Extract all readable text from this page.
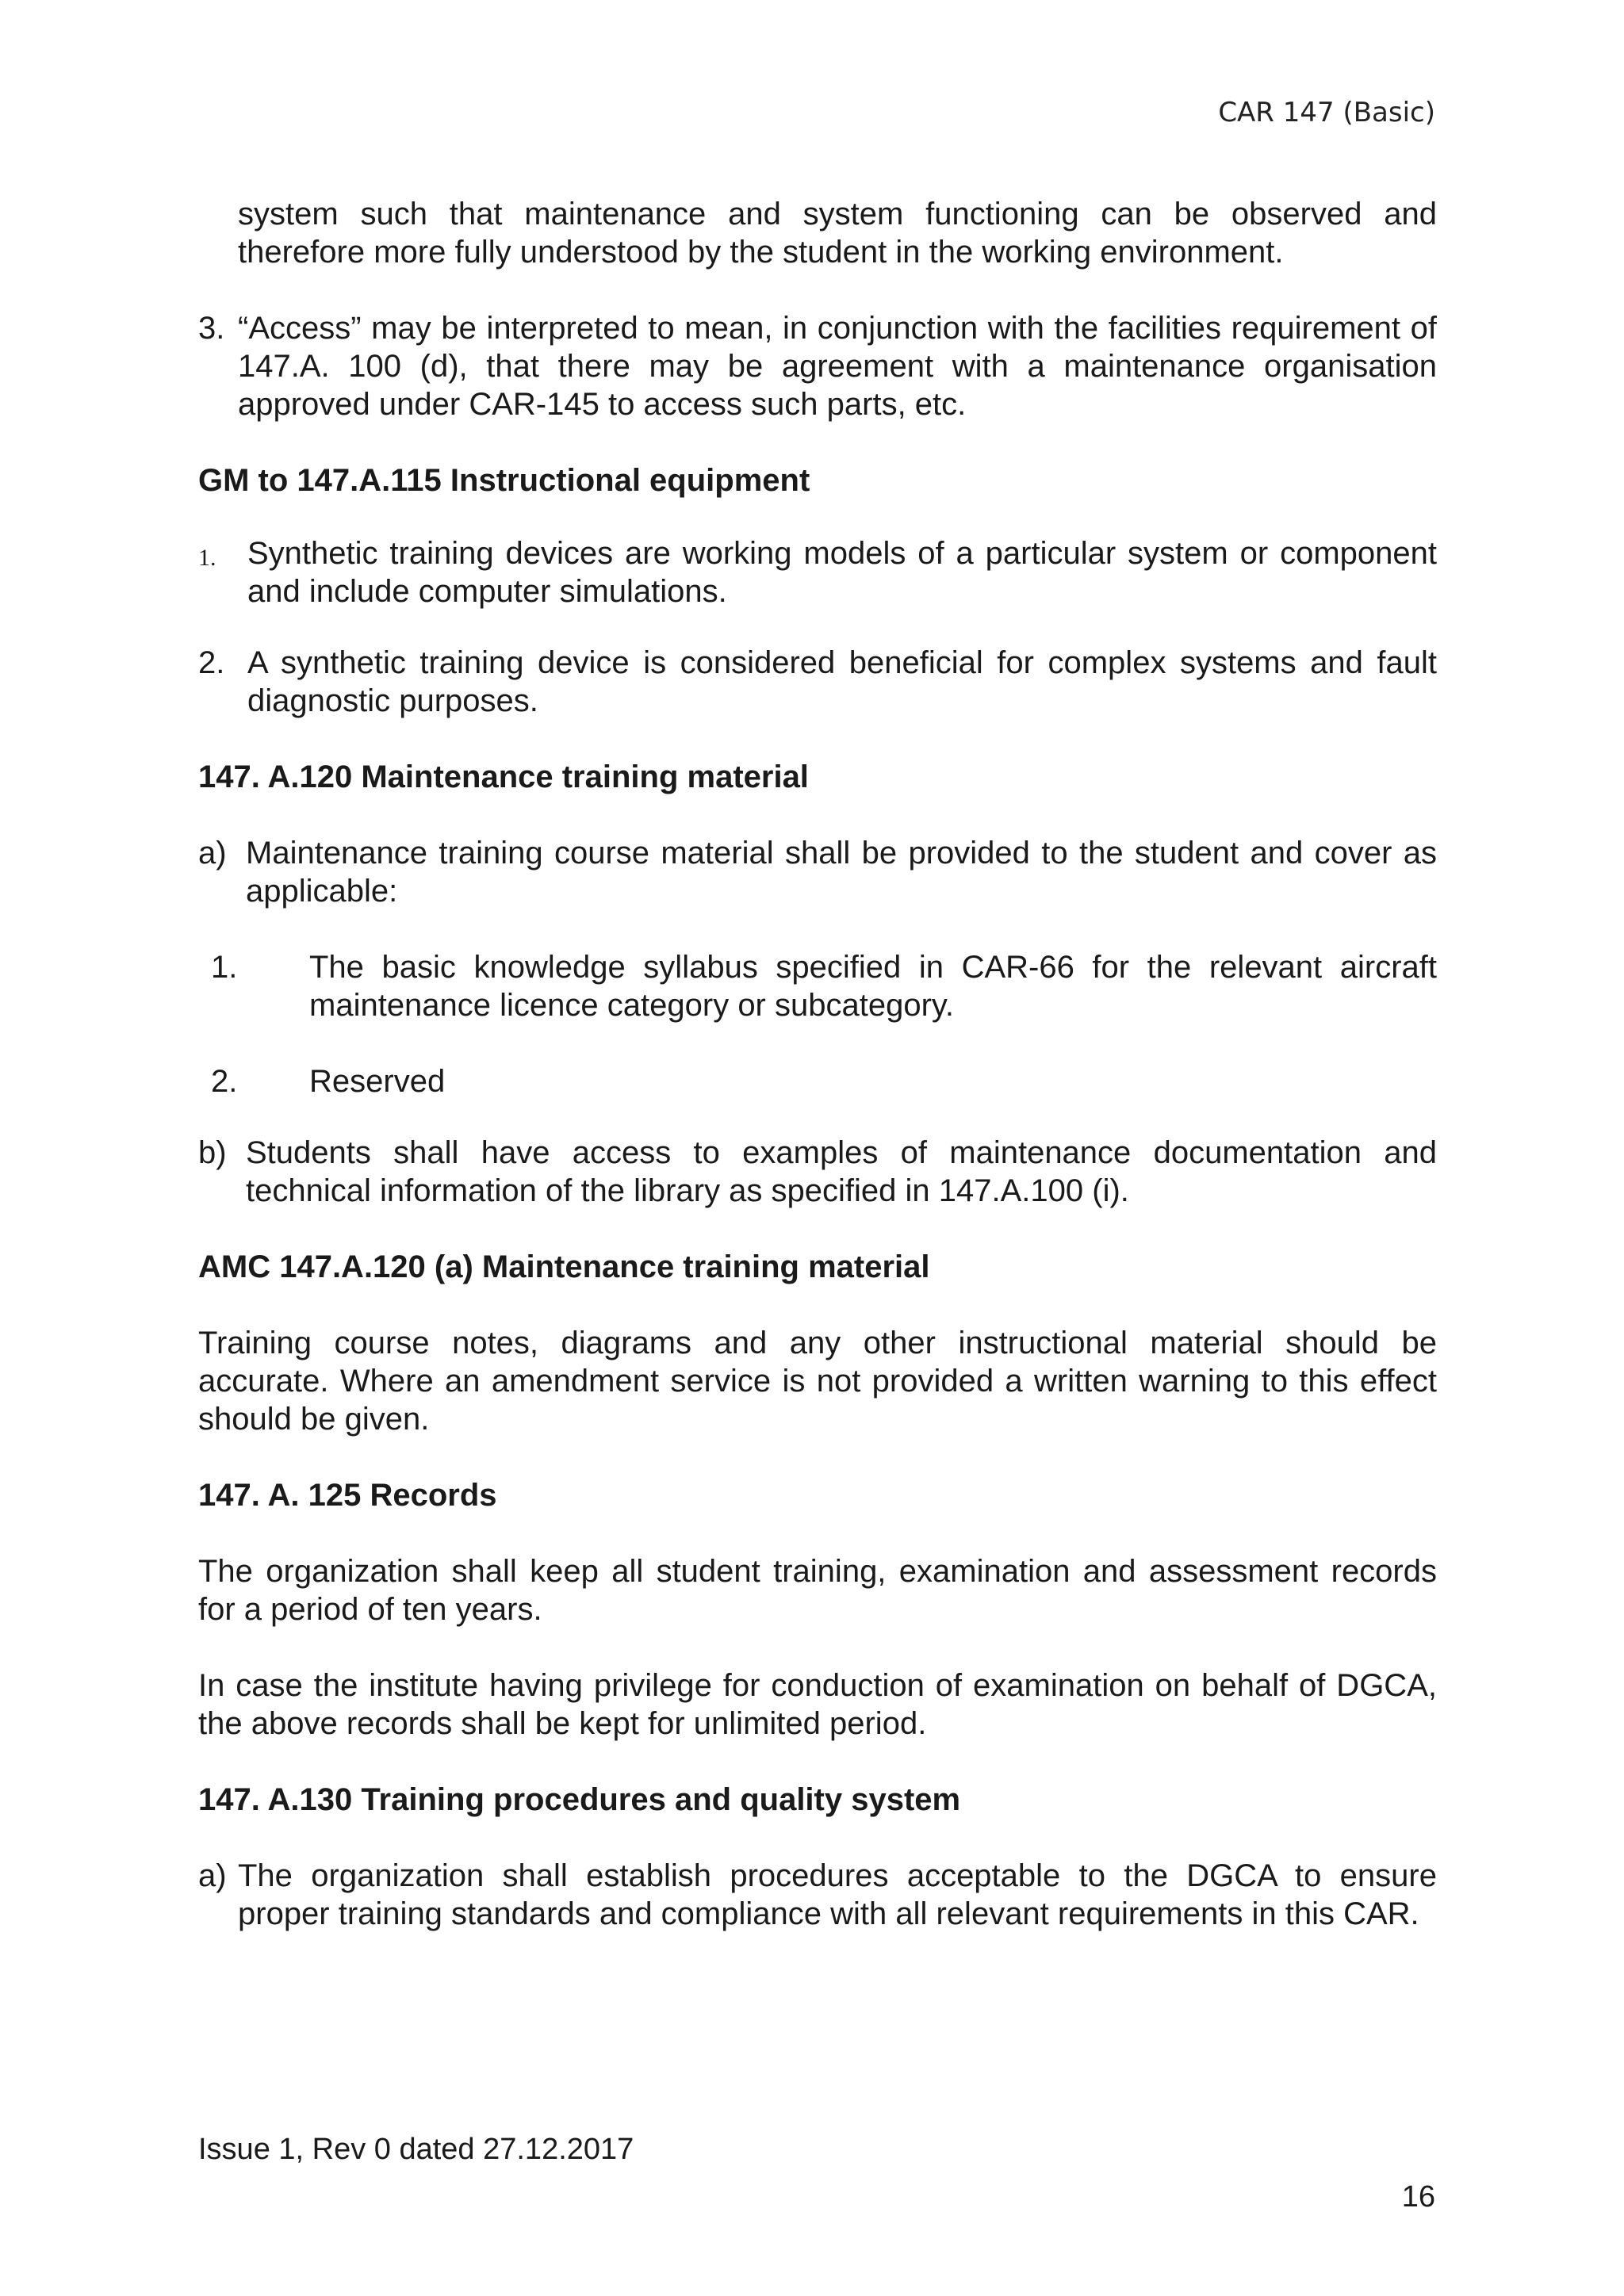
CAR 147 (Basic)

system such that maintenance and system functioning can be observed and therefore more fully understood by the student in the working environment.

3. “Access” may be interpreted to mean, in conjunction with the facilities requirement of 147.A. 100 (d), that there may be agreement with a maintenance organisation approved under CAR-145 to access such parts, etc.

GM to 147.A.115 Instructional equipment

1. Synthetic training devices are working models of a particular system or component and include computer simulations.
2. A synthetic training device is considered beneficial for complex systems and fault diagnostic purposes.

147. A.120 Maintenance training material

a) Maintenance training course material shall be provided to the student and cover as applicable:
1.	The basic knowledge syllabus specified in CAR-66 for the relevant aircraft maintenance licence category or subcategory.
2.	Reserved
b) Students shall have access to examples of maintenance documentation and technical information of the library as specified in 147.A.100 (i).

AMC 147.A.120 (a) Maintenance training material

Training course notes, diagrams and any other instructional material should be accurate. Where an amendment service is not provided a written warning to this effect should be given.

147. A. 125 Records

The organization shall keep all student training, examination and assessment records for a period of ten years.

In case the institute having privilege for conduction of examination on behalf of DGCA, the above records shall be kept for unlimited period.

147. A.130 Training procedures and quality system

a) The organization shall establish procedures acceptable to the DGCA to ensure proper training standards and compliance with all relevant requirements in this CAR.
Issue 1, Rev 0 dated 27.12.2017
16
